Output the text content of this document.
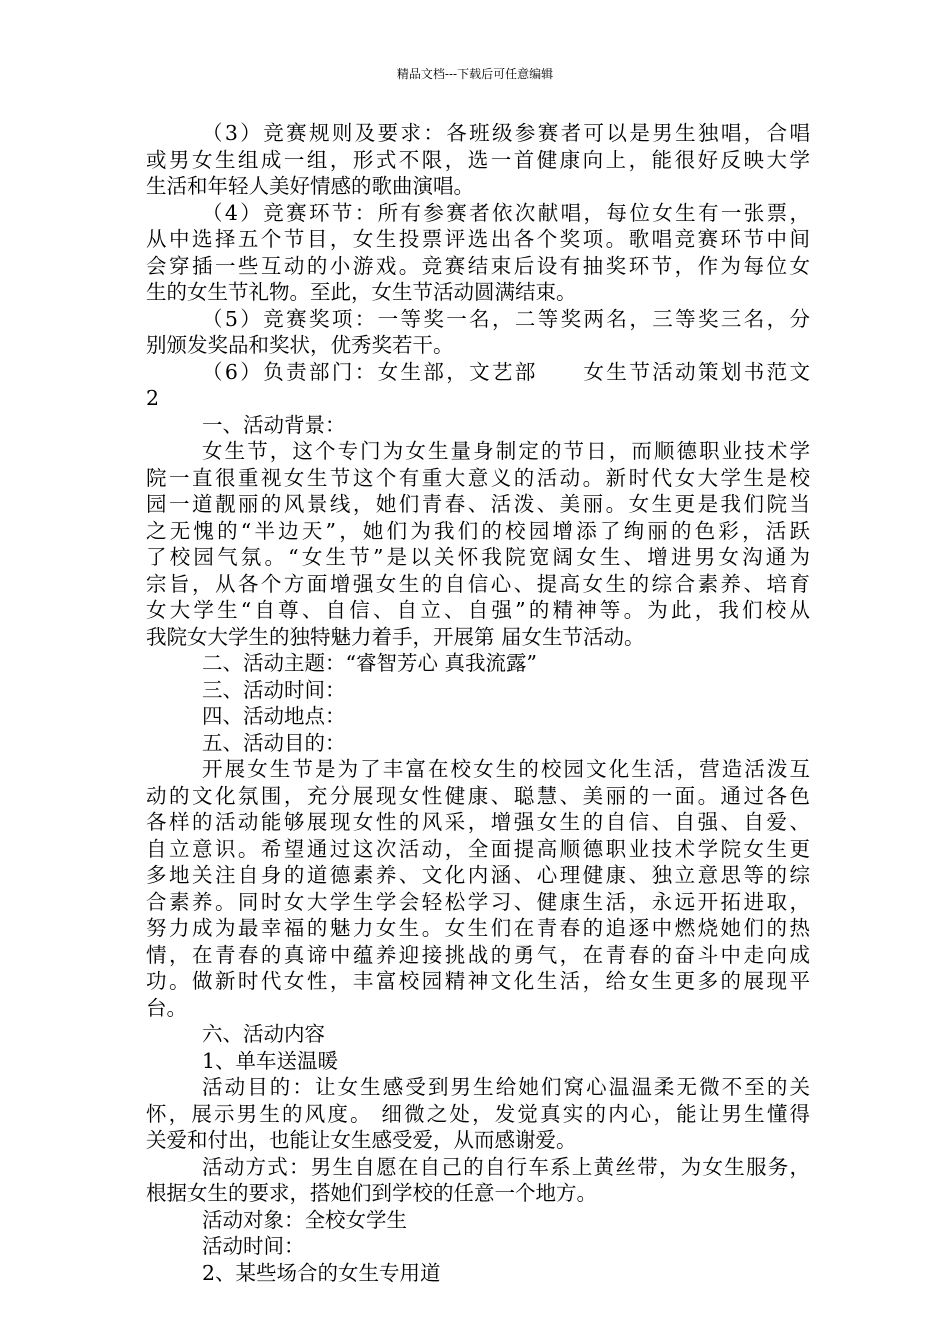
精品文档---下载后可任意编辑
（3）竞赛规则及要求：各班级参赛者可以是男生独唱，合唱
或男女生组成一组，形式不限，选一首健康向上，能很好反映大学
生活和年轻人美好情感的歌曲演唱。
（4）竞赛环节：所有参赛者依次献唱，每位女生有一张票，
从中选择五个节目，女生投票评选出各个奖项。歌唱竞赛环节中间
会穿插一些互动的小游戏。竞赛结束后设有抽奖环节，作为每位女
生的女生节礼物。至此，女生节活动圆满结束。
（5）竞赛奖项：一等奖一名，二等奖两名，三等奖三名，分
别颁发奖品和奖状，优秀奖若干。
（6）负责部门：女生部，文艺部　　女生节活动策划书范文
2
一、活动背景：
女生节，这个专门为女生量身制定的节日，而顺德职业技术学
院一直很重视女生节这个有重大意义的活动。新时代女大学生是校
园一道靓丽的风景线，她们青春、活泼、美丽。女生更是我们院当
之无愧的“半边天”，她们为我们的校园增添了绚丽的色彩，活跃
了校园气氛。“女生节”是以关怀我院宽阔女生、增进男女沟通为
宗旨，从各个方面增强女生的自信心、提高女生的综合素养、培育
女大学生“自尊、自信、自立、自强”的精神等。为此，我们校从
我院女大学生的独特魅力着手，开展第 届女生节活动。
二、活动主题：“睿智芳心 真我流露”
三、活动时间：
四、活动地点：
五、活动目的：
开展女生节是为了丰富在校女生的校园文化生活，营造活泼互
动的文化氛围，充分展现女性健康、聪慧、美丽的一面。通过各色
各样的活动能够展现女性的风采，增强女生的自信、自强、自爱、
自立意识。希望通过这次活动，全面提高顺德职业技术学院女生更
多地关注自身的道德素养、文化内涵、心理健康、独立意思等的综
合素养。同时女大学生学会轻松学习、健康生活，永远开拓进取，
努力成为最幸福的魅力女生。女生们在青春的追逐中燃烧她们的热
情，在青春的真谛中蕴养迎接挑战的勇气，在青春的奋斗中走向成
功。做新时代女性，丰富校园精神文化生活，给女生更多的展现平
台。
六、活动内容
1、单车送温暖
活动目的：让女生感受到男生给她们窝心温温柔无微不至的关
怀，展示男生的风度。 细微之处，发觉真实的内心，能让男生懂得
关爱和付出，也能让女生感受爱，从而感谢爱。
活动方式：男生自愿在自己的自行车系上黄丝带，为女生服务，
根据女生的要求，搭她们到学校的任意一个地方。
活动对象：全校女学生
活动时间：
2、某些场合的女生专用道
